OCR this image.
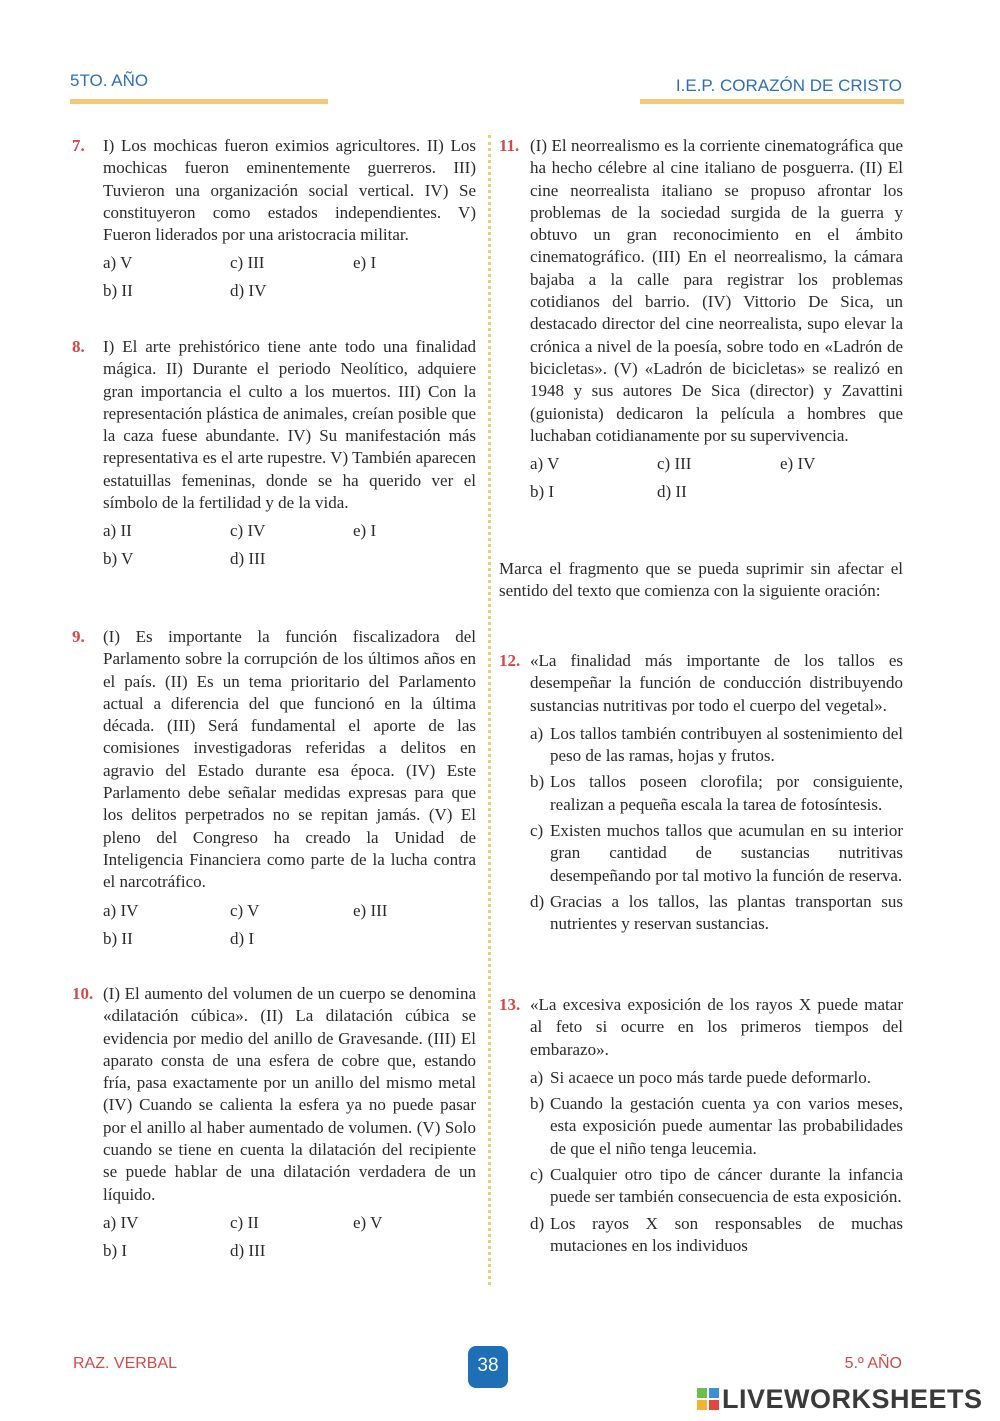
5TO. AÑO	I.E.P. CORAZÓN DE CRISTO
7. I) Los mochicas fueron eximios agricultores. II) Los mochicas fueron eminentemente guerreros. III) Tuvieron una organización social vertical. IV) Se constituyeron como estados independientes. V) Fueron liderados por una aristocracia militar.
a) V	c) III	e) I
b) II	d) IV
8. I) El arte prehistórico tiene ante todo una finalidad mágica. II) Durante el periodo Neolítico, adquiere gran importancia el culto a los muertos. III) Con la representación plástica de animales, creían posible que la caza fuese abundante. IV) Su manifestación más representativa es el arte rupestre. V) También aparecen estatuillas femeninas, donde se ha querido ver el símbolo de la fertilidad y de la vida.
a) II	c) IV	e) I
b) V	d) III
9. (I) Es importante la función fiscalizadora del Parlamento sobre la corrupción de los últimos años en el país. (II) Es un tema prioritario del Parlamento actual a diferencia del que funcionó en la última década. (III) Será fundamental el aporte de las comisiones investigadoras referidas a delitos en agravio del Estado durante esa época. (IV) Este Parlamento debe señalar medidas expresas para que los delitos perpetrados no se repitan jamás. (V) El pleno del Congreso ha creado la Unidad de Inteligencia Financiera como parte de la lucha contra el narcotráfico.
a) IV	c) V	e) III
b) II	d) I
10. (I) El aumento del volumen de un cuerpo se denomina «dilatación cúbica». (II) La dilatación cúbica se evidencia por medio del anillo de Gravesande. (III) El aparato consta de una esfera de cobre que, estando fría, pasa exactamente por un anillo del mismo metal (IV) Cuando se calienta la esfera ya no puede pasar por el anillo al haber aumentado de volumen. (V) Solo cuando se tiene en cuenta la dilatación del recipiente se puede hablar de una dilatación verdadera de un líquido.
a) IV	c) II	e) V
b) I	d) III
11. (I) El neorrealismo es la corriente cinematográfica que ha hecho célebre al cine italiano de posguerra. (II) El cine neorrealista italiano se propuso afrontar los problemas de la sociedad surgida de la guerra y obtuvo un gran reconocimiento en el ámbito cinematográfico. (III) En el neorrealismo, la cámara bajaba a la calle para registrar los problemas cotidianos del barrio. (IV) Vittorio De Sica, un destacado director del cine neorrealista, supo elevar la crónica a nivel de la poesía, sobre todo en «Ladrón de bicicletas». (V) «Ladrón de bicicletas» se realizó en 1948 y sus autores De Sica (director) y Zavattini (guionista) dedicaron la película a hombres que luchaban cotidianamente por su supervivencia.
a) V	c) III	e) IV
b) I	d) II
Marca el fragmento que se pueda suprimir sin afectar el sentido del texto que comienza con la siguiente oración:
12. «La finalidad más importante de los tallos es desempeñar la función de conducción distribuyendo sustancias nutritivas por todo el cuerpo del vegetal».
a) Los tallos también contribuyen al sostenimiento del peso de las ramas, hojas y frutos.
b) Los tallos poseen clorofila; por consiguiente, realizan a pequeña escala la tarea de fotosíntesis.
c) Existen muchos tallos que acumulan en su interior gran cantidad de sustancias nutritivas desempeñando por tal motivo la función de reserva.
d) Gracias a los tallos, las plantas transportan sus nutrientes y reservan sustancias.
13. «La excesiva exposición de los rayos X puede matar al feto si ocurre en los primeros tiempos del embarazo».
a) Si acaece un poco más tarde puede deformarlo.
b) Cuando la gestación cuenta ya con varios meses, esta exposición puede aumentar las probabilidades de que el niño tenga leucemia.
c) Cualquier otro tipo de cáncer durante la infancia puede ser también consecuencia de esta exposición.
d) Los rayos X son responsables de muchas mutaciones en los individuos
RAZ. VERBAL	38	5.º AÑO
LIVEWORKSHEETS
